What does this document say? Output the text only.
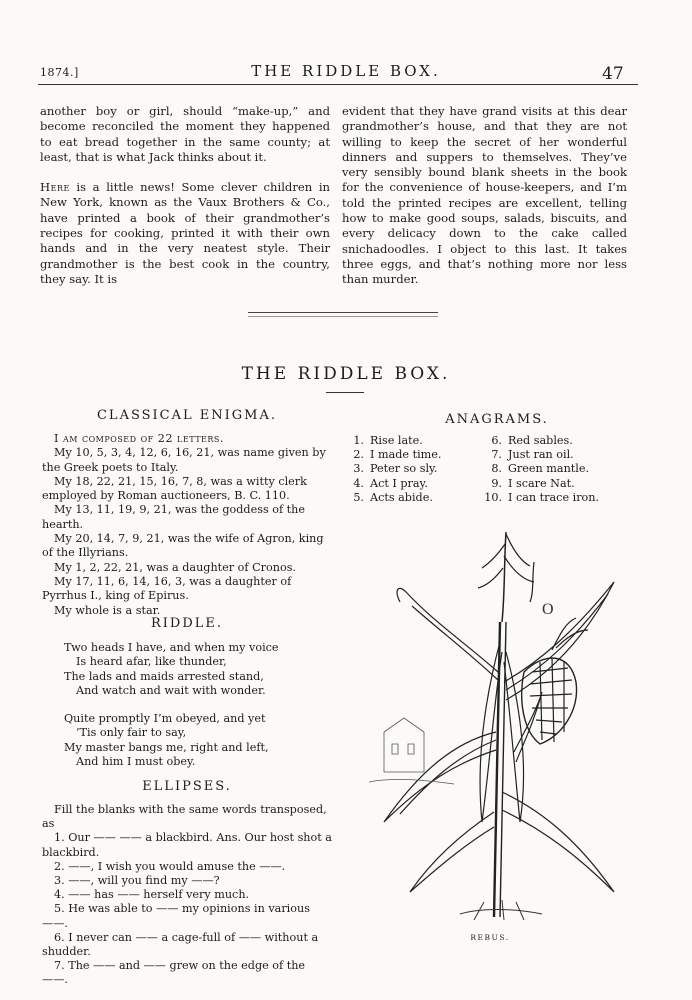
1874.]	THE RIDDLE BOX.	47

another boy or girl, should “make-up,” and become reconciled the moment they happened to eat bread together in the same county; at least, that is what Jack thinks about it.

Here is a little news! Some clever children in New York, known as the Vaux Brothers & Co., have printed a book of their grandmother’s recipes for cooking, printed it with their own hands and in the very neatest style. Their grandmother is the best cook in the country, they say. It is

evident that they have grand visits at this dear grandmother’s house, and that they are not willing to keep the secret of her wonderful dinners and suppers to themselves. They’ve very sensibly bound blank sheets in the book for the convenience of house-keepers, and I’m told the printed recipes are excellent, telling how to make good soups, salads, biscuits, and every delicacy down to the cake called snichadoodles. I object to this last. It takes three eggs, and that’s nothing more nor less than murder.

THE RIDDLE BOX.
CLASSICAL ENIGMA.

I am composed of 22 letters.

My 10, 5, 3, 4, 12, 6, 16, 21, was name given by the Greek poets to Italy.

My 18, 22, 21, 15, 16, 7, 8, was a witty clerk employed by Roman auctioneers, B. C. 110.

My 13, 11, 19, 9, 21, was the goddess of the hearth.

My 20, 14, 7, 9, 21, was the wife of Agron, king of the Illyrians.

My 1, 2, 22, 21, was a daughter of Cronos.

My 17, 11, 6, 14, 16, 3, was a daughter of Pyrrhus I., king of Epirus.

My whole is a star.

RIDDLE.

Two heads I have, and when my voice

Is heard afar, like thunder,

The lads and maids arrested stand,

And watch and wait with wonder.

Quite promptly I’m obeyed, and yet

’Tis only fair to say,

My master bangs me, right and left,

And him I must obey.

ELLIPSES.

Fill the blanks with the same words transposed, as

1. Our —— —— a blackbird. Ans. Our host shot a blackbird.

2. ——, I wish you would amuse the ——.

3. ——, will you find my ——?

4. —— has —— herself very much.

5. He was able to —— my opinions in various ——.

6. I never can —— a cage-full of —— without a shudder.

7. The —— and —— grew on the edge of the ——.

ANAGRAMS.
1. Rise late.
2. I made time.
3. Peter so sly.
4. Act I pray.
5. Acts abide.
6. Red sables.
7. Just ran oil.
8. Green mantle.
9. I scare Nat.
10. I can trace iron.
O
REBUS.
